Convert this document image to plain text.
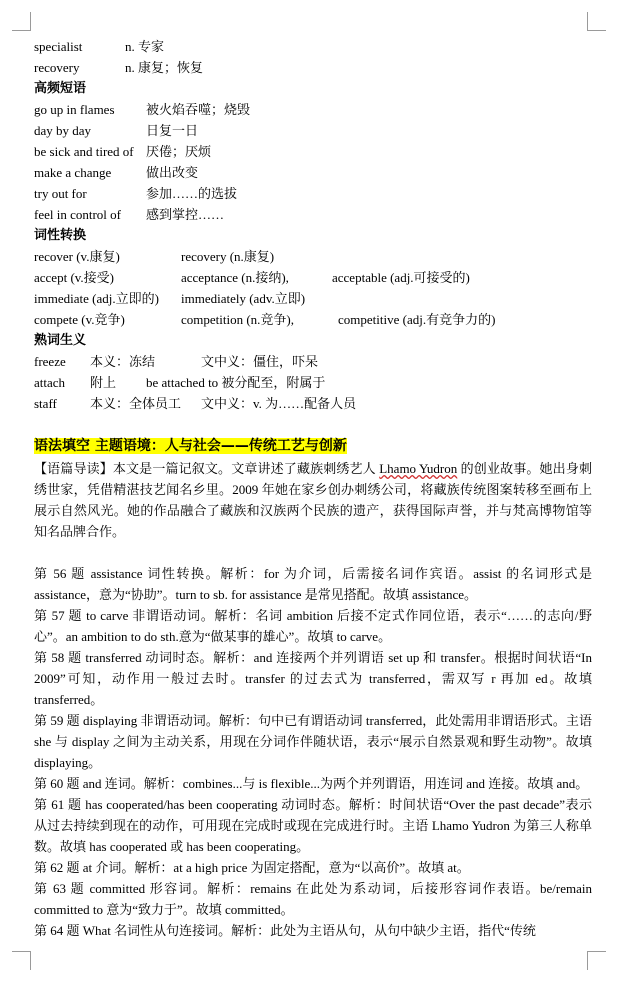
specialist	n. 专家
recovery	n. 康复；恢复
高频短语
go up in flames 被火焰吞噬；烧毁
day by day	日复一日
be sick and tired of 厌倦；厌烦
make a change	做出改变
try out for	参加……的选拔
feel in control of 感到掌控……
词性转换
recover (v.康复)	recovery (n.康复)
accept (v.接受)	acceptance (n.接纳),	acceptable (adj.可接受的)
immediate (adj.立即的) immediately (adv.立即)
compete (v.竞争)	competition (n.竞争),	competitive (adj.有竞争力的)
熟词生义
freeze 本义：冻结	文中义：僵住，吓呆
attach 附上 be attached to 被分配至，附属于
staff	本义：全体员工 文中义：v. 为……配备人员
语法填空 主题语境：人与社会——传统工艺与创新

【语篇导读】本文是一篇记叙文。文章讲述了藏族刺绣艺人 Lhamo Yudron 的创业故事。她出身刺绣世家，凭借精湛技艺闻名乡里。2009 年她在家乡创办刺绣公司，将藏族传统图案转移至画布上展示自然风光。她的作品融合了藏族和汉族两个民族的遗产，获得国际声誉，并与梵高博物馆等知名品牌合作。

第 56 题 assistance 词性转换。解析：for 为介词，后需接名词作宾语。assist 的名词形式是 assistance，意为“协助”。turn to sb. for assistance 是常见搭配。故填 assistance。

第 57 题 to carve 非谓语动词。解析：名词 ambition 后接不定式作同位语，表示“……的志向/野心”。an ambition to do sth.意为“做某事的雄心”。故填 to carve。

第 58 题 transferred 动词时态。解析：and 连接两个并列谓语 set up 和 transfer。根据时间状语“In 2009”可知，动作用一般过去时。transfer 的过去式为 transferred，需双写 r 再加 ed。故填 transferred。

第 59 题 displaying 非谓语动词。解析：句中已有谓语动词 transferred，此处需用非谓语形式。主语 she 与 display 之间为主动关系，用现在分词作伴随状语，表示“展示自然景观和野生动物”。故填 displaying。

第 60 题 and 连词。解析：combines...与 is flexible...为两个并列谓语，用连词 and 连接。故填 and。

第 61 题 has cooperated/has been cooperating 动词时态。解析：时间状语“Over the past decade”表示从过去持续到现在的动作，可用现在完成时或现在完成进行时。主语 Lhamo Yudron 为第三人称单数。故填 has cooperated 或 has been cooperating。

第 62 题 at 介词。解析：at a high price 为固定搭配，意为“以高价”。故填 at。

第 63 题 committed 形容词。解析：remains 在此处为系动词，后接形容词作表语。be/remain committed to 意为“致力于”。故填 committed。

第 64 题 What 名词性从句连接词。解析：此处为主语从句，从句中缺少主语，指代“传统
